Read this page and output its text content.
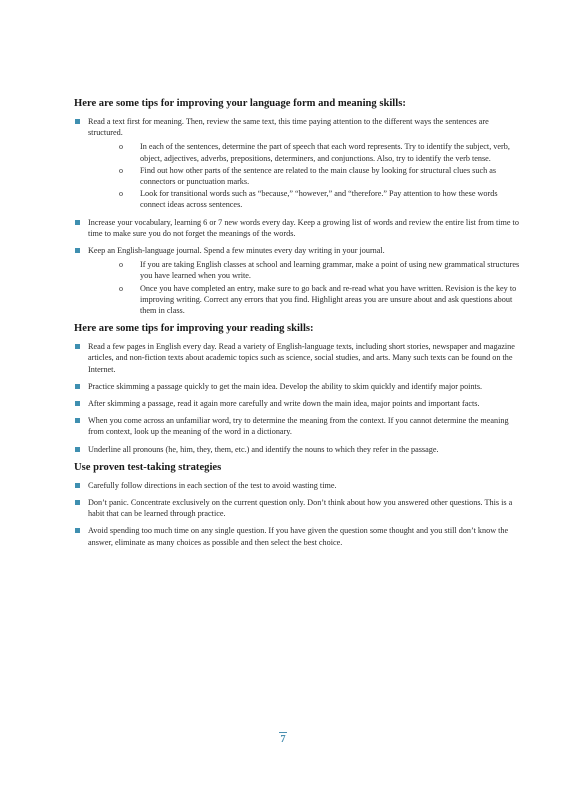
Here are some tips for improving your language form and meaning skills:
Read a text first for meaning. Then, review the same text, this time paying attention to the different ways the sentences are structured.
o In each of the sentences, determine the part of speech that each word represents. Try to identify the subject, verb, object, adjectives, adverbs, prepositions, determiners, and conjunctions. Also, try to identify the verb tense.
o Find out how other parts of the sentence are related to the main clause by looking for structural clues such as connectors or punctuation marks.
o Look for transitional words such as “because,” “however,” and “therefore.” Pay attention to how these words connect ideas across sentences.
Increase your vocabulary, learning 6 or 7 new words every day. Keep a growing list of words and review the entire list from time to time to make sure you do not forget the meanings of the words.
Keep an English-language journal. Spend a few minutes every day writing in your journal.
o If you are taking English classes at school and learning grammar, make a point of using new grammatical structures you have learned when you write.
o Once you have completed an entry, make sure to go back and re-read what you have written. Revision is the key to improving writing. Correct any errors that you find. Highlight areas you are unsure about and ask questions about them in class.
Here are some tips for improving your reading skills:
Read a few pages in English every day. Read a variety of English-language texts, including short stories, newspaper and magazine articles, and non-fiction texts about academic topics such as science, social studies, and arts. Many such texts can be found on the Internet.
Practice skimming a passage quickly to get the main idea. Develop the ability to skim quickly and identify major points.
After skimming a passage, read it again more carefully and write down the main idea, major points and important facts.
When you come across an unfamiliar word, try to determine the meaning from the context. If you cannot determine the meaning from context, look up the meaning of the word in a dictionary.
Underline all pronouns (he, him, they, them, etc.) and identify the nouns to which they refer in the passage.
Use proven test-taking strategies
Carefully follow directions in each section of the test to avoid wasting time.
Don’t panic. Concentrate exclusively on the current question only. Don’t think about how you answered other questions. This is a habit that can be learned through practice.
Avoid spending too much time on any single question. If you have given the question some thought and you still don’t know the answer, eliminate as many choices as possible and then select the best choice.
7
